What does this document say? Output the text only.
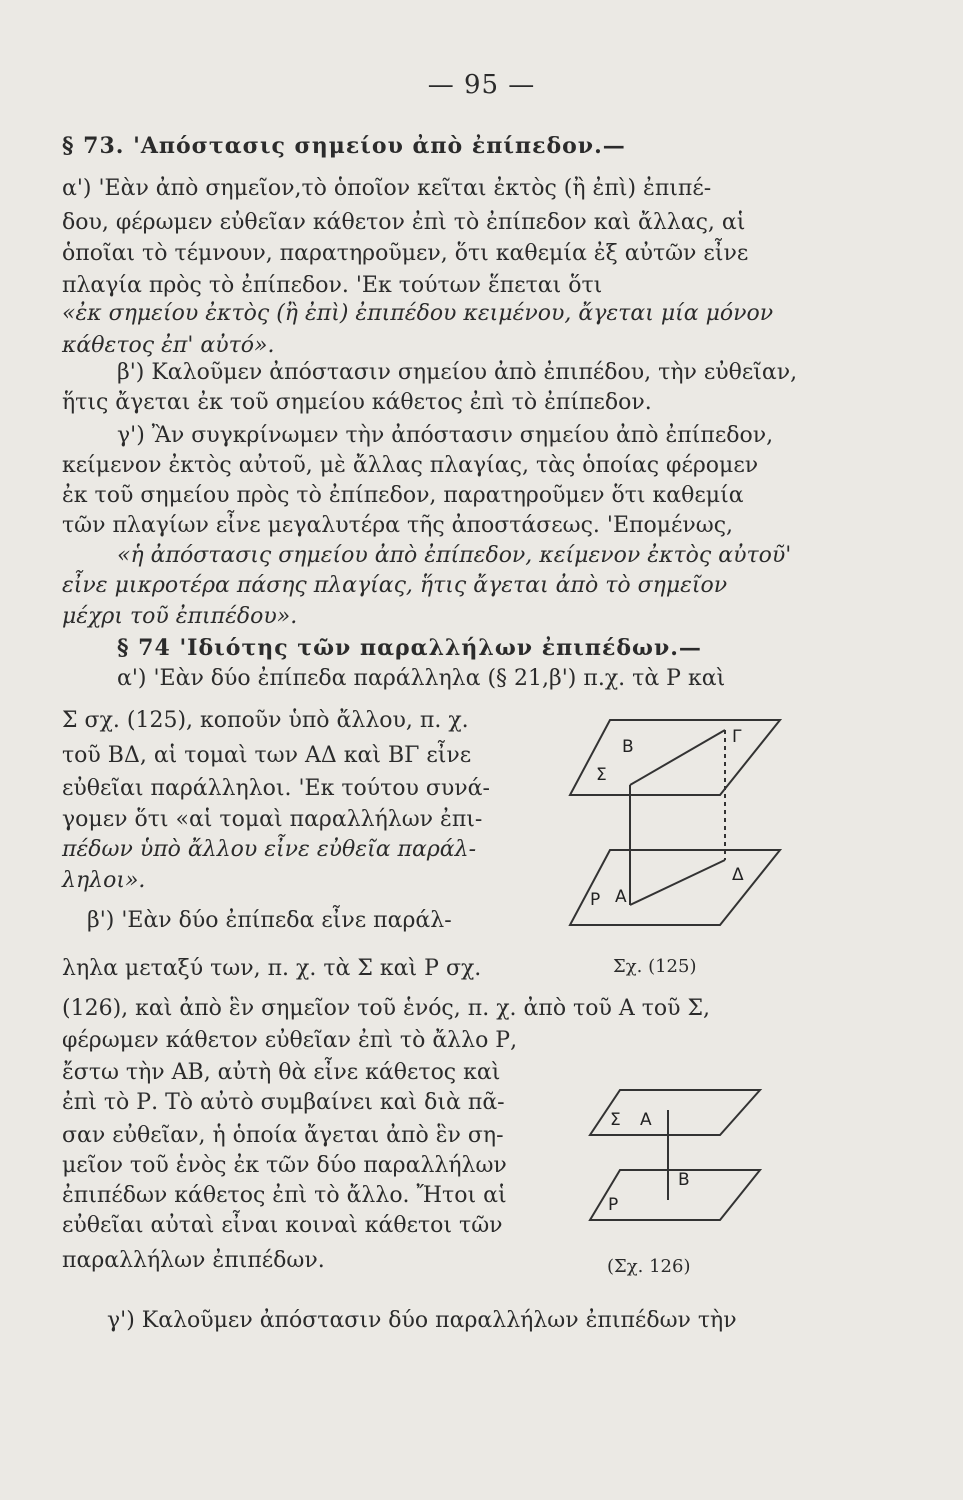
— 95 —
§ 73. 'Απόστασις σημείου ἀπὸ ἐπίπεδον.—
α') 'Εὰν ἀπὸ σημεῖον,τὸ ὁποῖον κεῖται ἐκτὸς (ἢ ἐπὶ) ἐπιπέ-
δου, φέρωμεν εὐθεῖαν κάθετον ἐπὶ τὸ ἐπίπεδον καὶ ἄλλας, αἱ
ὁποῖαι τὸ τέμνουν, παρατηροῦμεν, ὅτι καθεμία ἐξ αὐτῶν εἶνε
πλαγία πρὸς τὸ ἐπίπεδον. 'Εκ τούτων ἕπεται ὅτι
«ἐκ σημείου ἐκτὸς (ἢ ἐπὶ) ἐπιπέδου κειμένου, ἄγεται μία μόνον
κάθετος ἐπ' αὐτό».
β') Καλοῦμεν ἀπόστασιν σημείου ἀπὸ ἐπιπέδου, τὴν εὐθεῖαν,
ἥτις ἄγεται ἐκ τοῦ σημείου κάθετος ἐπὶ τὸ ἐπίπεδον.
γ') Ἂν συγκρίνωμεν τὴν ἀπόστασιν σημείου ἀπὸ ἐπίπεδον,
κείμενον ἐκτὸς αὐτοῦ, μὲ ἄλλας πλαγίας, τὰς ὁποίας φέρομεν
ἐκ τοῦ σημείου πρὸς τὸ ἐπίπεδον, παρατηροῦμεν ὅτι καθεμία
τῶν πλαγίων εἶνε μεγαλυτέρα τῆς ἀποστάσεως. 'Επομένως,
«ἡ ἀπόστασις σημείου ἀπὸ ἐπίπεδον, κείμενον ἐκτὸς αὐτοῦ'
εἶνε μικροτέρα πάσης πλαγίας, ἥτις ἄγεται ἀπὸ τὸ σημεῖον
μέχρι τοῦ ἐπιπέδου».
§ 74 'Ιδιότης τῶν παραλλήλων ἐπιπέδων.—
α') 'Εὰν δύο ἐπίπεδα παράλληλα (§ 21,β') π.χ. τὰ Ρ καὶ
Σ σχ. (125), κοποῦν ὑπὸ ἄλλου, π. χ.
τοῦ ΒΔ, αἱ τομαὶ των ΑΔ καὶ ΒΓ εἶνε
εὐθεῖαι παράλληλοι. 'Εκ τούτου συνά-
γομεν ὅτι «αἱ τομαὶ παραλλήλων ἐπι-
πέδων ὑπὸ ἄλλου εἶνε εὐθεῖα παράλ-
ληλοι».
β') 'Εὰν δύο ἐπίπεδα εἶνε παράλ-
ληλα μεταξύ των, π. χ. τὰ Σ καὶ Ρ σχ.
(126), καὶ ἀπὸ ἓν σημεῖον τοῦ ἑνός, π. χ. ἀπὸ τοῦ Α τοῦ Σ,
φέρωμεν κάθετον εὐθεῖαν ἐπὶ τὸ ἄλλο Ρ,
ἔστω τὴν ΑΒ, αὐτὴ θὰ εἶνε κάθετος καὶ
ἐπὶ τὸ Ρ. Τὸ αὐτὸ συμβαίνει καὶ διὰ πᾶ-
σαν εὐθεῖαν, ἡ ὁποία ἄγεται ἀπὸ ἓν ση-
μεῖον τοῦ ἑνὸς ἐκ τῶν δύο παραλλήλων
ἐπιπέδων κάθετος ἐπὶ τὸ ἄλλο. Ἤτοι αἱ
εὐθεῖαι αὐταὶ εἶναι κοιναὶ κάθετοι τῶν
παραλλήλων ἐπιπέδων.
γ') Καλοῦμεν ἀπόστασιν δύο παραλλήλων ἐπιπέδων τὴν
Β	Γ
Σ
Ρ Α
Δ
Σχ. (125)
Σ Α
Β
Ρ
(Σχ. 126)
